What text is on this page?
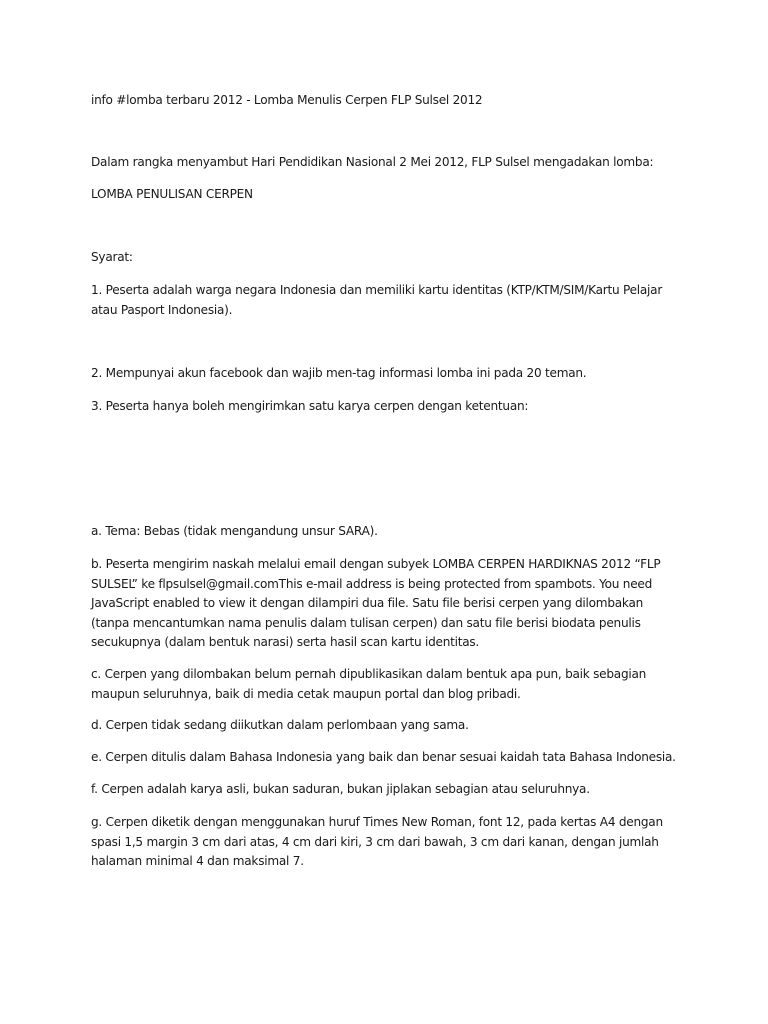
info #lomba terbaru 2012 - Lomba Menulis Cerpen FLP Sulsel 2012
Dalam rangka menyambut Hari Pendidikan Nasional 2 Mei 2012, FLP Sulsel mengadakan lomba:
LOMBA PENULISAN CERPEN
Syarat:
1. Peserta adalah warga negara Indonesia dan memiliki kartu identitas (KTP/KTM/SIM/Kartu Pelajar atau Pasport Indonesia).
2. Mempunyai akun facebook dan wajib men-tag informasi lomba ini pada 20 teman.
3. Peserta hanya boleh mengirimkan satu karya cerpen dengan ketentuan:
a. Tema: Bebas (tidak mengandung unsur SARA).
b. Peserta mengirim naskah melalui email dengan subyek LOMBA CERPEN HARDIKNAS 2012 “FLP SULSEL” ke flpsulsel@gmail.comThis e-mail address is being protected from spambots. You need JavaScript enabled to view it dengan dilampiri dua file. Satu file berisi cerpen yang dilombakan (tanpa mencantumkan nama penulis dalam tulisan cerpen) dan satu file berisi biodata penulis secukupnya (dalam bentuk narasi) serta hasil scan kartu identitas.
c. Cerpen yang dilombakan belum pernah dipublikasikan dalam bentuk apa pun, baik sebagian maupun seluruhnya, baik di media cetak maupun portal dan blog pribadi.
d. Cerpen tidak sedang diikutkan dalam perlombaan yang sama.
e. Cerpen ditulis dalam Bahasa Indonesia yang baik dan benar sesuai kaidah tata Bahasa Indonesia.
f. Cerpen adalah karya asli, bukan saduran, bukan jiplakan sebagian atau seluruhnya.
g. Cerpen diketik dengan menggunakan huruf Times New Roman, font 12, pada kertas A4 dengan spasi 1,5 margin 3 cm dari atas, 4 cm dari kiri, 3 cm dari bawah, 3 cm dari kanan, dengan jumlah halaman minimal 4 dan maksimal 7.
